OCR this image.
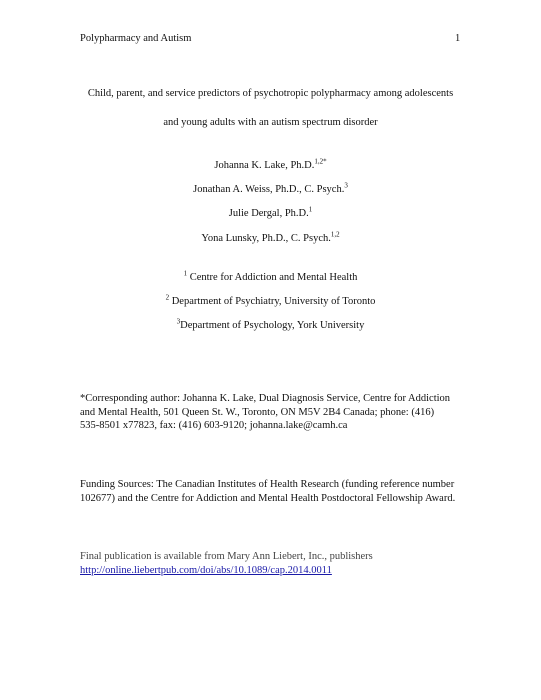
Polypharmacy and Autism	1
Child, parent, and service predictors of psychotropic polypharmacy among adolescents
and young adults with an autism spectrum disorder
Johanna K. Lake, Ph.D.$^{1,2*}$
Jonathan A. Weiss, Ph.D., C. Psych.$^3$
Julie Dergal, Ph.D.$^1$
Yona Lunsky, Ph.D., C. Psych.$^{1,2}$
$^1$ Centre for Addiction and Mental Health
$^2$ Department of Psychiatry, University of Toronto
$^3$Department of Psychology, York University
*Corresponding author: Johanna K. Lake, Dual Diagnosis Service, Centre for Addiction
and Mental Health, 501 Queen St. W., Toronto, ON M5V 2B4 Canada; phone: (416)
535-8501 x77823, fax: (416) 603-9120; johanna.lake@camh.ca
Funding Sources: The Canadian Institutes of Health Research (funding reference number
102677) and the Centre for Addiction and Mental Health Postdoctoral Fellowship Award.
Final publication is available from Mary Ann Liebert, Inc., publishers
http://online.liebertpub.com/doi/abs/10.1089/cap.2014.0011
